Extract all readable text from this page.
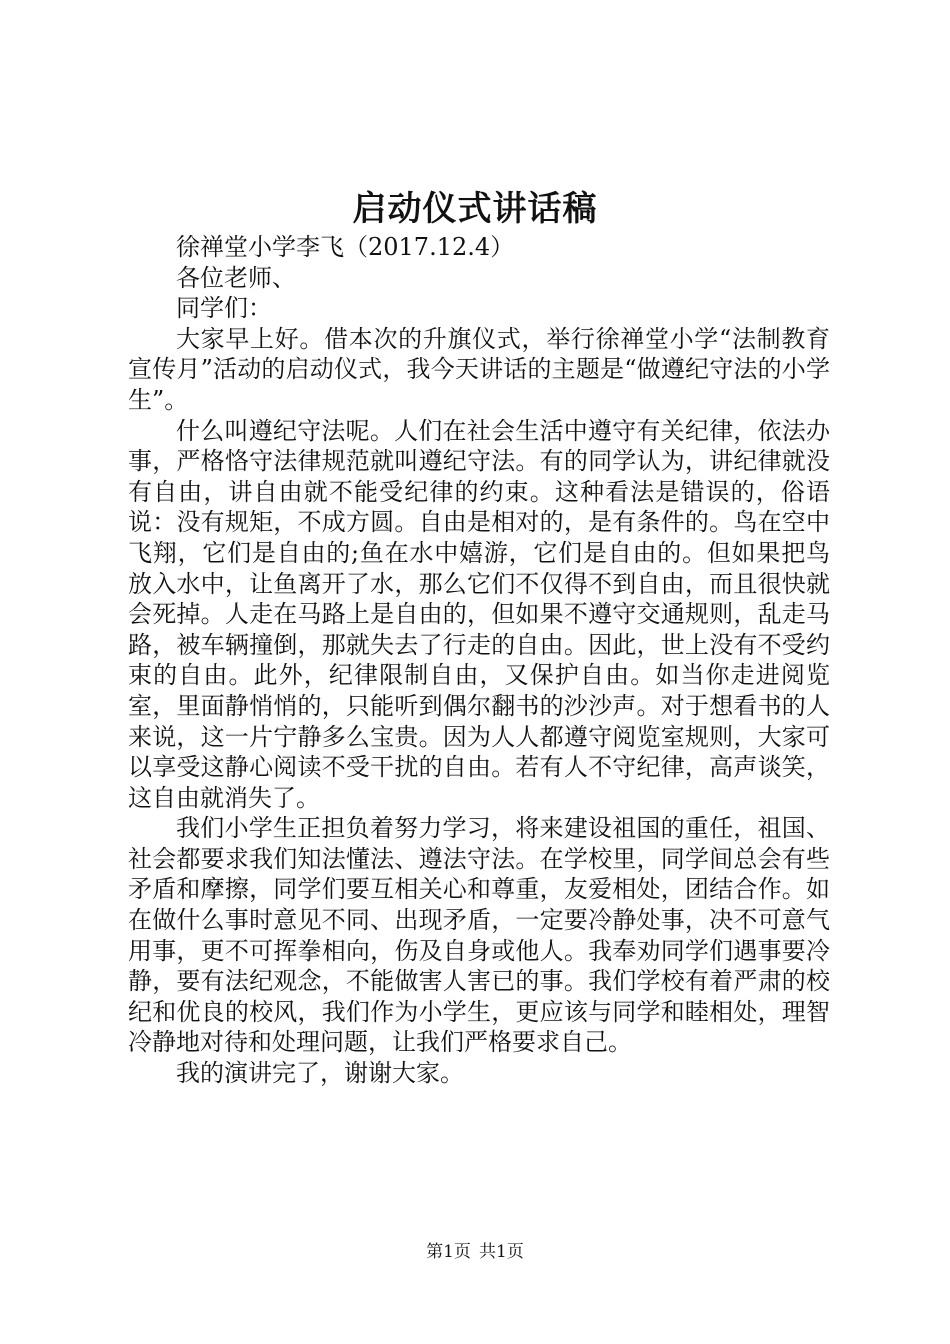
启动仪式讲话稿

徐禅堂小学李飞（2017.12.4）

各位老师、

同学们：

大家早上好。借本次的升旗仪式，举行徐禅堂小学“法制教育宣传月”活动的启动仪式，我今天讲话的主题是“做遵纪守法的小学生”。

什么叫遵纪守法呢。人们在社会生活中遵守有关纪律，依法办事，严格恪守法律规范就叫遵纪守法。有的同学认为，讲纪律就没有自由，讲自由就不能受纪律的约束。这种看法是错误的，俗语说：没有规矩，不成方圆。自由是相对的，是有条件的。鸟在空中飞翔，它们是自由的;鱼在水中嬉游，它们是自由的。但如果把鸟放入水中，让鱼离开了水，那么它们不仅得不到自由，而且很快就会死掉。人走在马路上是自由的，但如果不遵守交通规则，乱走马路，被车辆撞倒，那就失去了行走的自由。因此，世上没有不受约束的自由。此外，纪律限制自由，又保护自由。如当你走进阅览室，里面静悄悄的，只能听到偶尔翻书的沙沙声。对于想看书的人来说，这一片宁静多么宝贵。因为人人都遵守阅览室规则，大家可以享受这静心阅读不受干扰的自由。若有人不守纪律，高声谈笑，这自由就消失了。

我们小学生正担负着努力学习，将来建设祖国的重任，祖国、社会都要求我们知法懂法、遵法守法。在学校里，同学间总会有些矛盾和摩擦，同学们要互相关心和尊重，友爱相处，团结合作。如在做什么事时意见不同、出现矛盾，一定要冷静处事，决不可意气用事，更不可挥拳相向，伤及自身或他人。我奉劝同学们遇事要冷静，要有法纪观念，不能做害人害已的事。我们学校有着严肃的校纪和优良的校风，我们作为小学生，更应该与同学和睦相处，理智冷静地对待和处理问题，让我们严格要求自己。

我的演讲完了，谢谢大家。

第1页 共1页
